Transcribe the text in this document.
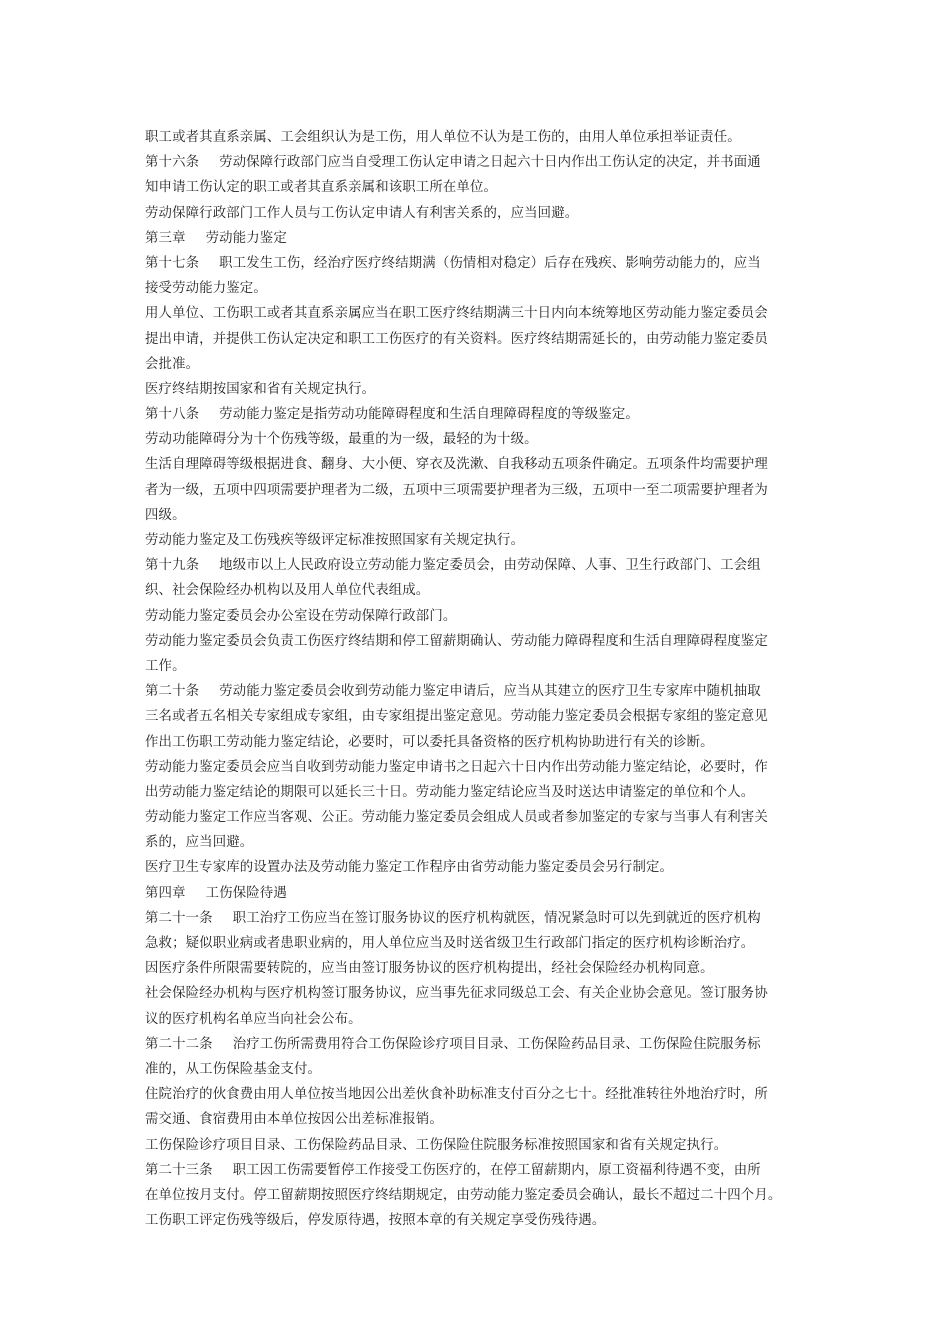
职工或者其直系亲属、工会组织认为是工伤，用人单位不认为是工伤的，由用人单位承担举证责任。
第十六条 劳动保障行政部门应当自受理工伤认定申请之日起六十日内作出工伤认定的决定，并书面通
知申请工伤认定的职工或者其直系亲属和该职工所在单位。
劳动保障行政部门工作人员与工伤认定申请人有利害关系的，应当回避。
第三章 劳动能力鉴定
第十七条 职工发生工伤，经治疗医疗终结期满（伤情相对稳定）后存在残疾、影响劳动能力的，应当
接受劳动能力鉴定。
用人单位、工伤职工或者其直系亲属应当在职工医疗终结期满三十日内向本统筹地区劳动能力鉴定委员会
提出申请，并提供工伤认定决定和职工工伤医疗的有关资料。医疗终结期需延长的，由劳动能力鉴定委员
会批准。
医疗终结期按国家和省有关规定执行。
第十八条 劳动能力鉴定是指劳动功能障碍程度和生活自理障碍程度的等级鉴定。
劳动功能障碍分为十个伤残等级，最重的为一级，最轻的为十级。
生活自理障碍等级根据进食、翻身、大小便、穿衣及洗漱、自我移动五项条件确定。五项条件均需要护理
者为一级，五项中四项需要护理者为二级，五项中三项需要护理者为三级，五项中一至二项需要护理者为
四级。
劳动能力鉴定及工伤残疾等级评定标准按照国家有关规定执行。
第十九条 地级市以上人民政府设立劳动能力鉴定委员会，由劳动保障、人事、卫生行政部门、工会组
织、社会保险经办机构以及用人单位代表组成。
劳动能力鉴定委员会办公室设在劳动保障行政部门。
劳动能力鉴定委员会负责工伤医疗终结期和停工留薪期确认、劳动能力障碍程度和生活自理障碍程度鉴定
工作。
第二十条 劳动能力鉴定委员会收到劳动能力鉴定申请后，应当从其建立的医疗卫生专家库中随机抽取
三名或者五名相关专家组成专家组，由专家组提出鉴定意见。劳动能力鉴定委员会根据专家组的鉴定意见
作出工伤职工劳动能力鉴定结论，必要时，可以委托具备资格的医疗机构协助进行有关的诊断。
劳动能力鉴定委员会应当自收到劳动能力鉴定申请书之日起六十日内作出劳动能力鉴定结论，必要时，作
出劳动能力鉴定结论的期限可以延长三十日。劳动能力鉴定结论应当及时送达申请鉴定的单位和个人。
劳动能力鉴定工作应当客观、公正。劳动能力鉴定委员会组成人员或者参加鉴定的专家与当事人有利害关
系的，应当回避。
医疗卫生专家库的设置办法及劳动能力鉴定工作程序由省劳动能力鉴定委员会另行制定。
第四章 工伤保险待遇
第二十一条 职工治疗工伤应当在签订服务协议的医疗机构就医，情况紧急时可以先到就近的医疗机构
急救；疑似职业病或者患职业病的，用人单位应当及时送省级卫生行政部门指定的医疗机构诊断治疗。
因医疗条件所限需要转院的，应当由签订服务协议的医疗机构提出，经社会保险经办机构同意。
社会保险经办机构与医疗机构签订服务协议，应当事先征求同级总工会、有关企业协会意见。签订服务协
议的医疗机构名单应当向社会公布。
第二十二条 治疗工伤所需费用符合工伤保险诊疗项目目录、工伤保险药品目录、工伤保险住院服务标
准的，从工伤保险基金支付。
住院治疗的伙食费由用人单位按当地因公出差伙食补助标准支付百分之七十。经批准转往外地治疗时，所
需交通、食宿费用由本单位按因公出差标准报销。
工伤保险诊疗项目目录、工伤保险药品目录、工伤保险住院服务标准按照国家和省有关规定执行。
第二十三条 职工因工伤需要暂停工作接受工伤医疗的，在停工留薪期内，原工资福利待遇不变，由所
在单位按月支付。停工留薪期按照医疗终结期规定，由劳动能力鉴定委员会确认，最长不超过二十四个月。
工伤职工评定伤残等级后，停发原待遇，按照本章的有关规定享受伤残待遇。
